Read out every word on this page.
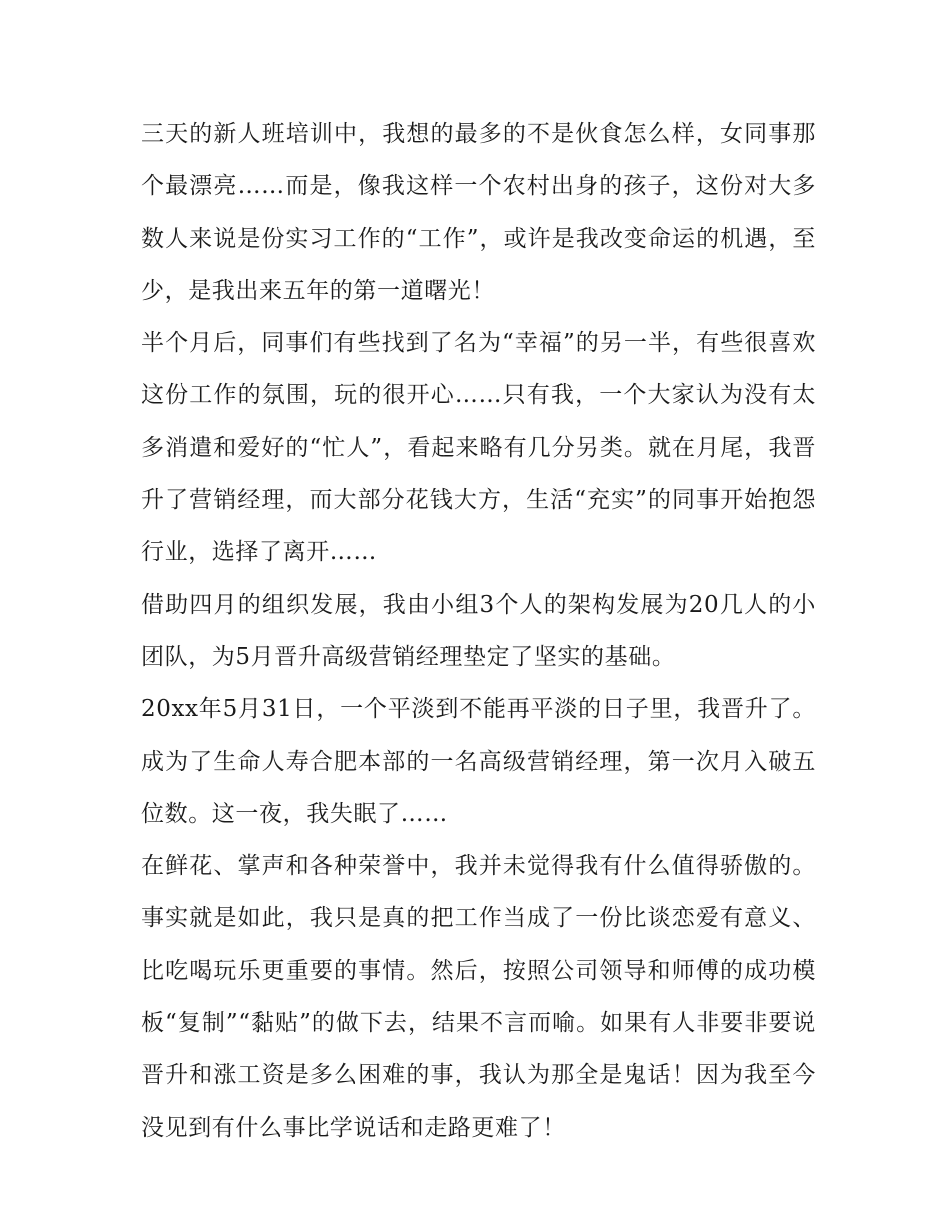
三天的新人班培训中，我想的最多的不是伙食怎么样，女同事那个最漂亮……而是，像我这样一个农村出身的孩子，这份对大多数人来说是份实习工作的“工作”，或许是我改变命运的机遇，至少，是我出来五年的第一道曙光！

半个月后，同事们有些找到了名为“幸福”的另一半，有些很喜欢这份工作的氛围，玩的很开心……只有我，一个大家认为没有太多消遣和爱好的“忙人”，看起来略有几分另类。就在月尾，我晋升了营销经理，而大部分花钱大方，生活“充实”的同事开始抱怨行业，选择了离开……

借助四月的组织发展，我由小组3个人的架构发展为20几人的小团队，为5月晋升高级营销经理垫定了坚实的基础。

20xx年5月31日，一个平淡到不能再平淡的日子里，我晋升了。成为了生命人寿合肥本部的一名高级营销经理，第一次月入破五位数。这一夜，我失眠了……

在鲜花、掌声和各种荣誉中，我并未觉得我有什么值得骄傲的。事实就是如此，我只是真的把工作当成了一份比谈恋爱有意义、比吃喝玩乐更重要的事情。然后，按照公司领导和师傅的成功模板“复制”“黏贴”的做下去，结果不言而喻。如果有人非要非要说晋升和涨工资是多么困难的事，我认为那全是鬼话！因为我至今没见到有什么事比学说话和走路更难了！
